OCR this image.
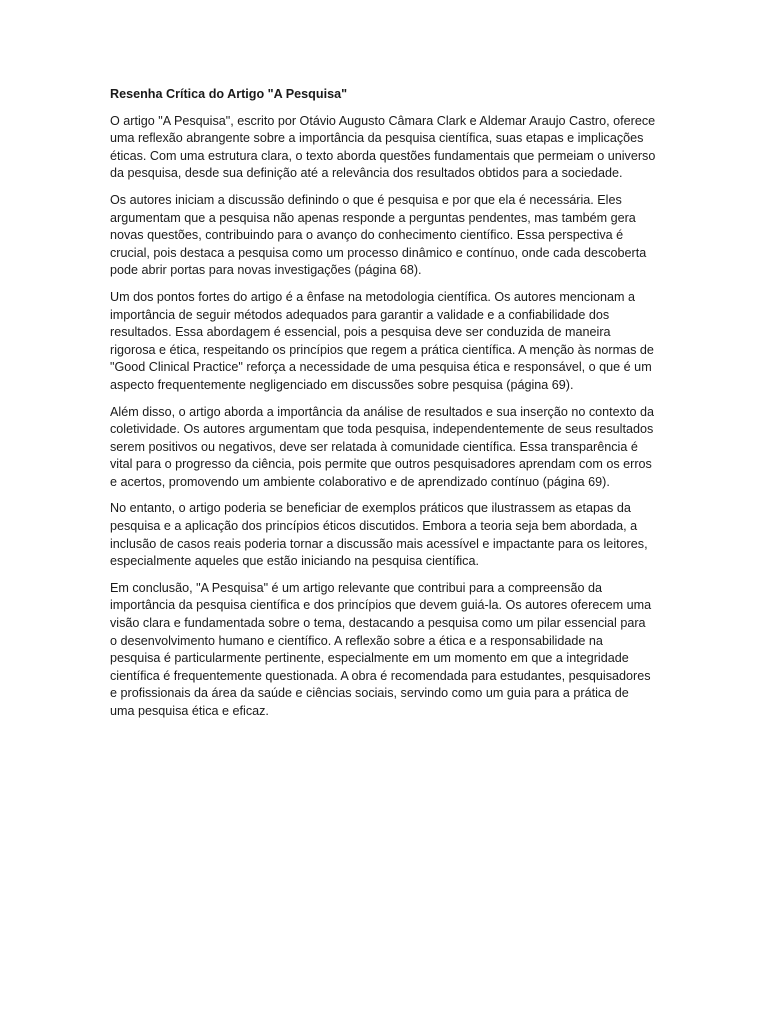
Resenha Crítica do Artigo "A Pesquisa"

O artigo "A Pesquisa", escrito por Otávio Augusto Câmara Clark e Aldemar Araujo Castro, oferece uma reflexão abrangente sobre a importância da pesquisa científica, suas etapas e implicações éticas. Com uma estrutura clara, o texto aborda questões fundamentais que permeiam o universo da pesquisa, desde sua definição até a relevância dos resultados obtidos para a sociedade.

Os autores iniciam a discussão definindo o que é pesquisa e por que ela é necessária. Eles argumentam que a pesquisa não apenas responde a perguntas pendentes, mas também gera novas questões, contribuindo para o avanço do conhecimento científico. Essa perspectiva é crucial, pois destaca a pesquisa como um processo dinâmico e contínuo, onde cada descoberta pode abrir portas para novas investigações (página 68).

Um dos pontos fortes do artigo é a ênfase na metodologia científica. Os autores mencionam a importância de seguir métodos adequados para garantir a validade e a confiabilidade dos resultados. Essa abordagem é essencial, pois a pesquisa deve ser conduzida de maneira rigorosa e ética, respeitando os princípios que regem a prática científica. A menção às normas de "Good Clinical Practice" reforça a necessidade de uma pesquisa ética e responsável, o que é um aspecto frequentemente negligenciado em discussões sobre pesquisa (página 69).

Além disso, o artigo aborda a importância da análise de resultados e sua inserção no contexto da coletividade. Os autores argumentam que toda pesquisa, independentemente de seus resultados serem positivos ou negativos, deve ser relatada à comunidade científica. Essa transparência é vital para o progresso da ciência, pois permite que outros pesquisadores aprendam com os erros e acertos, promovendo um ambiente colaborativo e de aprendizado contínuo (página 69).

No entanto, o artigo poderia se beneficiar de exemplos práticos que ilustrassem as etapas da pesquisa e a aplicação dos princípios éticos discutidos. Embora a teoria seja bem abordada, a inclusão de casos reais poderia tornar a discussão mais acessível e impactante para os leitores, especialmente aqueles que estão iniciando na pesquisa científica.

Em conclusão, "A Pesquisa" é um artigo relevante que contribui para a compreensão da importância da pesquisa científica e dos princípios que devem guiá-la. Os autores oferecem uma visão clara e fundamentada sobre o tema, destacando a pesquisa como um pilar essencial para o desenvolvimento humano e científico. A reflexão sobre a ética e a responsabilidade na pesquisa é particularmente pertinente, especialmente em um momento em que a integridade científica é frequentemente questionada. A obra é recomendada para estudantes, pesquisadores e profissionais da área da saúde e ciências sociais, servindo como um guia para a prática de uma pesquisa ética e eficaz.
